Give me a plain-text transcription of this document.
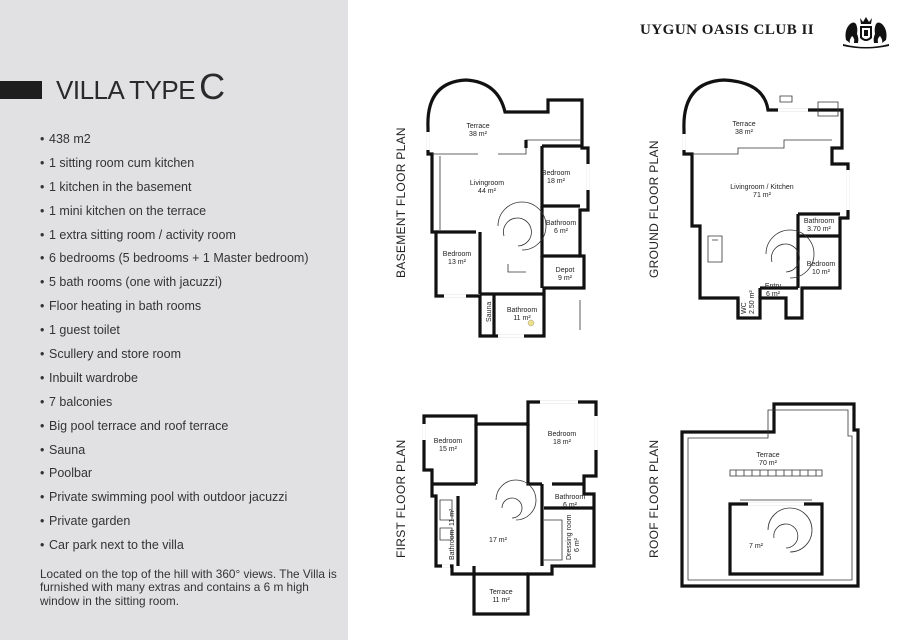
VILLA TYPE C
• 438 m2
• 1 sitting room cum kitchen
• 1 kitchen in the basement
• 1 mini kitchen on the terrace
• 1 extra sitting room / activity room
• 6 bedrooms (5 bedrooms + 1 Master bedroom)
• 5 bath rooms (one with jacuzzi)
• Floor heating in bath rooms
• 1 guest toilet
• Scullery and store room
• Inbuilt wardrobe
• 7 balconies
• Big pool terrace and roof terrace
• Sauna
• Poolbar
• Private swimming pool with outdoor jacuzzi
• Private garden
• Car park next to the villa

Located on the top of the hill with 360° views. The Villa is furnished with many extras and contains a 6 m high window in the sitting room.

UYGUN OASIS CLUB II
BASEMENT FLOOR PLAN
Terrace
38 m²
Livingroom
44 m²
Bedroom
18 m²
Bathroom
6 m²
Bedroom
13 m²
Depot
9 m²
Sauna Bathroom
11 m²
GROUND FLOOR PLAN
Terrace
38 m²
Livingroom / Kitchen
71 m²
Bathroom
3.70 m²
Bedroom
10 m²
Entry
6 m²
WC 2.50 m²
FIRST FLOOR PLAN	Bedroom
15 m²
Bedroom
18 m²
Bathroom
6 m²
Bathroom
11 m²
17 m²	Dressing room 6 m²
Terrace
11 m²
ROOF FLOOR PLAN	Terrace
70 m²
7 m²
